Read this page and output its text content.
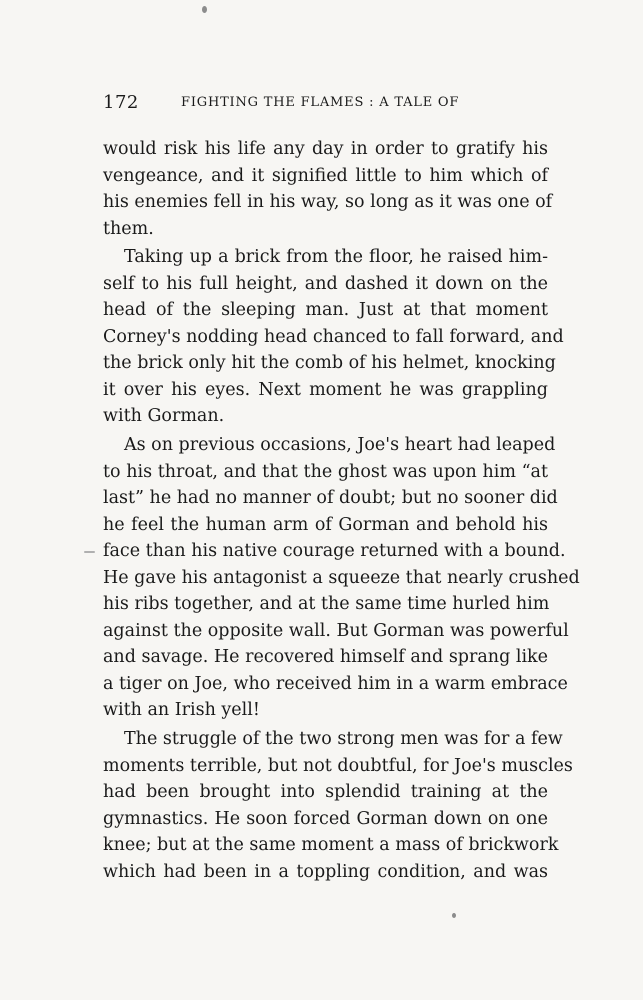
172	FIGHTING THE FLAMES : A TALE OF
would risk his life any day in order to gratify his
vengeance, and it signified little to him which of
his enemies fell in his way, so long as it was one of
them.
Taking up a brick from the floor, he raised him-
self to his full height, and dashed it down on the
head of the sleeping man. Just at that moment
Corney's nodding head chanced to fall forward, and
the brick only hit the comb of his helmet, knocking
it over his eyes. Next moment he was grappling
with Gorman.
As on previous occasions, Joe's heart had leaped
to his throat, and that the ghost was upon him “at
last” he had no manner of doubt; but no sooner did
he feel the human arm of Gorman and behold his
face than his native courage returned with a bound.
He gave his antagonist a squeeze that nearly crushed
his ribs together, and at the same time hurled him
against the opposite wall. But Gorman was powerful
and savage. He recovered himself and sprang like
a tiger on Joe, who received him in a warm embrace
with an Irish yell!
The struggle of the two strong men was for a few
moments terrible, but not doubtful, for Joe's muscles
had been brought into splendid training at the
gymnastics. He soon forced Gorman down on one
knee; but at the same moment a mass of brickwork
which had been in a toppling condition, and was
